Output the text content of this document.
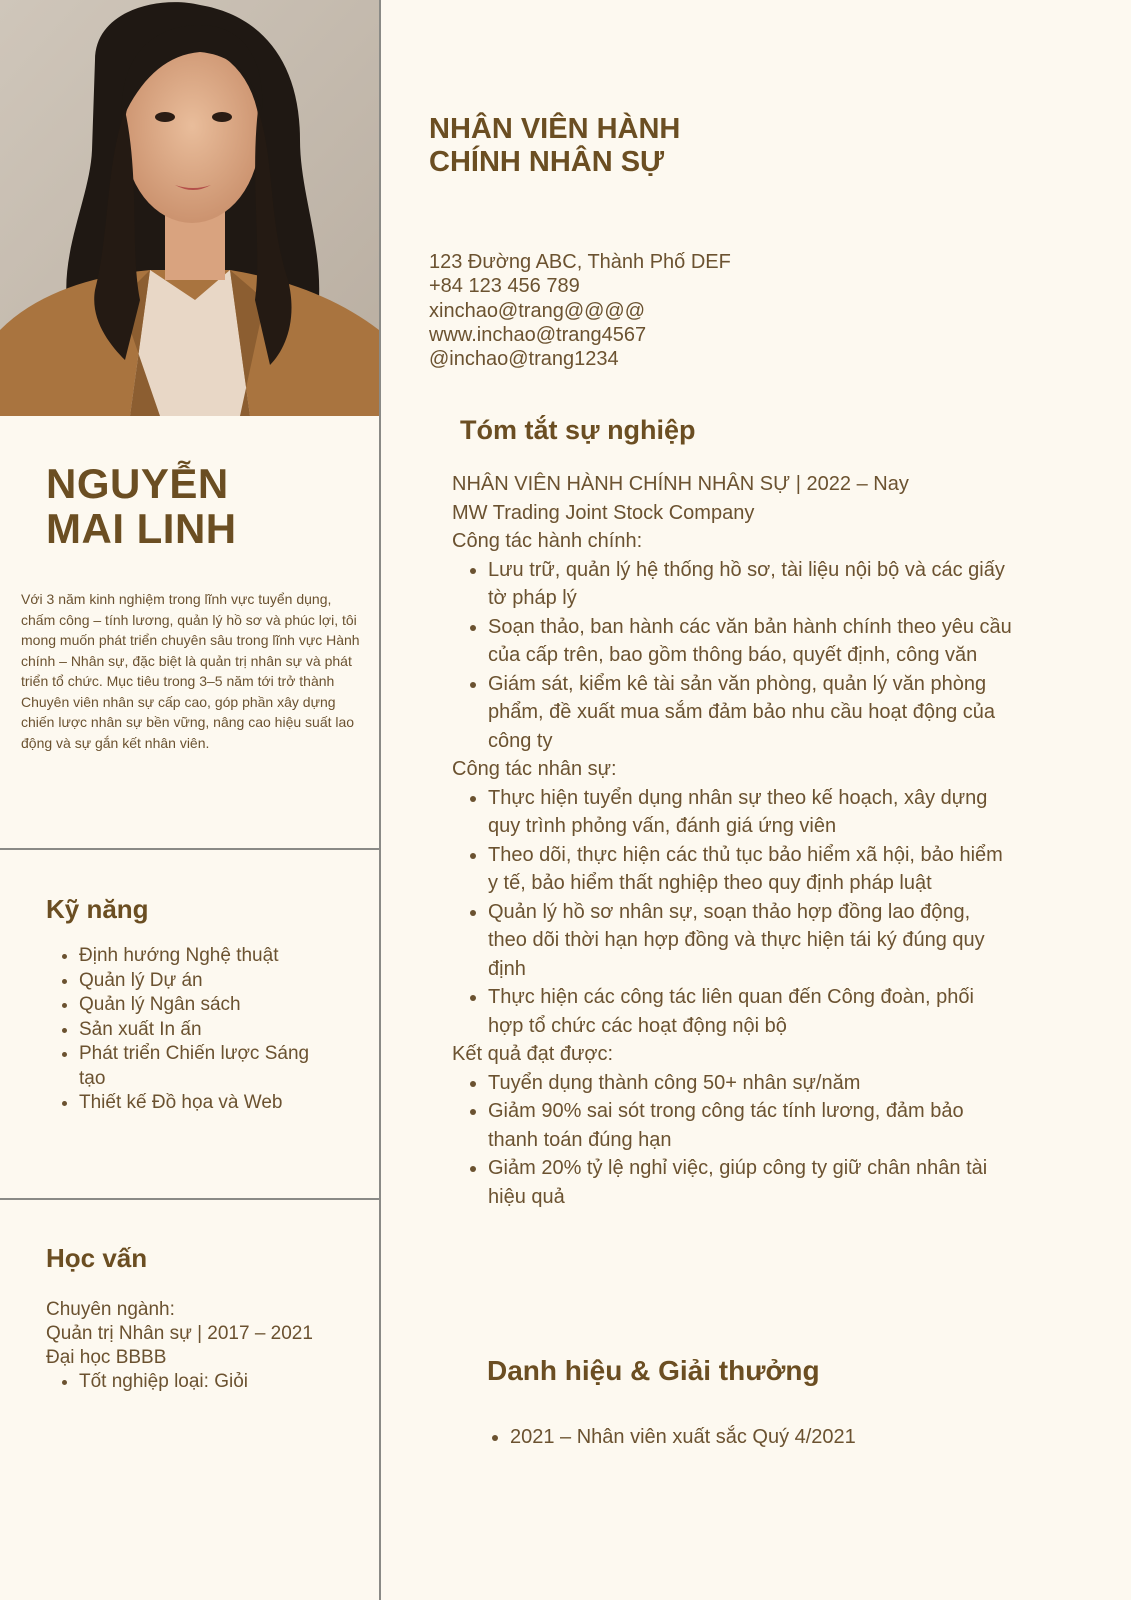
NGUYỄN
MAI LINH

Với 3 năm kinh nghiệm trong lĩnh vực tuyển dụng, chấm công – tính lương, quản lý hồ sơ và phúc lợi, tôi mong muốn phát triển chuyên sâu trong lĩnh vực Hành chính – Nhân sự, đặc biệt là quản trị nhân sự và phát triển tổ chức. Mục tiêu trong 3–5 năm tới trở thành Chuyên viên nhân sự cấp cao, góp phần xây dựng chiến lược nhân sự bền vững, nâng cao hiệu suất lao động và sự gắn kết nhân viên.

Kỹ năng
• Định hướng Nghệ thuật
• Quản lý Dự án
• Quản lý Ngân sách
• Sản xuất In ấn
• Phát triển Chiến lược Sáng tạo
• Thiết kế Đồ họa và Web
Học vấn
Chuyên ngành:
Quản trị Nhân sự | 2017 – 2021
Đại học BBBB
• Tốt nghiệp loại: Giỏi
NHÂN VIÊN HÀNH
CHÍNH NHÂN SỰ
123 Đường ABC, Thành Phố DEF
+84 123 456 789
xinchao@trang@@@@
www.inchao@trang4567
@inchao@trang1234
Tóm tắt sự nghiệp

NHÂN VIÊN HÀNH CHÍNH NHÂN SỰ | 2022 – Nay

MW Trading Joint Stock Company

Công tác hành chính:

• Lưu trữ, quản lý hệ thống hồ sơ, tài liệu nội bộ và các giấy tờ pháp lý
• Soạn thảo, ban hành các văn bản hành chính theo yêu cầu của cấp trên, bao gồm thông báo, quyết định, công văn
• Giám sát, kiểm kê tài sản văn phòng, quản lý văn phòng phẩm, đề xuất mua sắm đảm bảo nhu cầu hoạt động của công ty

Công tác nhân sự:

• Thực hiện tuyển dụng nhân sự theo kế hoạch, xây dựng quy trình phỏng vấn, đánh giá ứng viên
• Theo dõi, thực hiện các thủ tục bảo hiểm xã hội, bảo hiểm y tế, bảo hiểm thất nghiệp theo quy định pháp luật
• Quản lý hồ sơ nhân sự, soạn thảo hợp đồng lao động, theo dõi thời hạn hợp đồng và thực hiện tái ký đúng quy định
• Thực hiện các công tác liên quan đến Công đoàn, phối hợp tổ chức các hoạt động nội bộ

Kết quả đạt được:

• Tuyển dụng thành công 50+ nhân sự/năm
• Giảm 90% sai sót trong công tác tính lương, đảm bảo thanh toán đúng hạn
• Giảm 20% tỷ lệ nghỉ việc, giúp công ty giữ chân nhân tài hiệu quả
Danh hiệu & Giải thưởng
• 2021 – Nhân viên xuất sắc Quý 4/2021
